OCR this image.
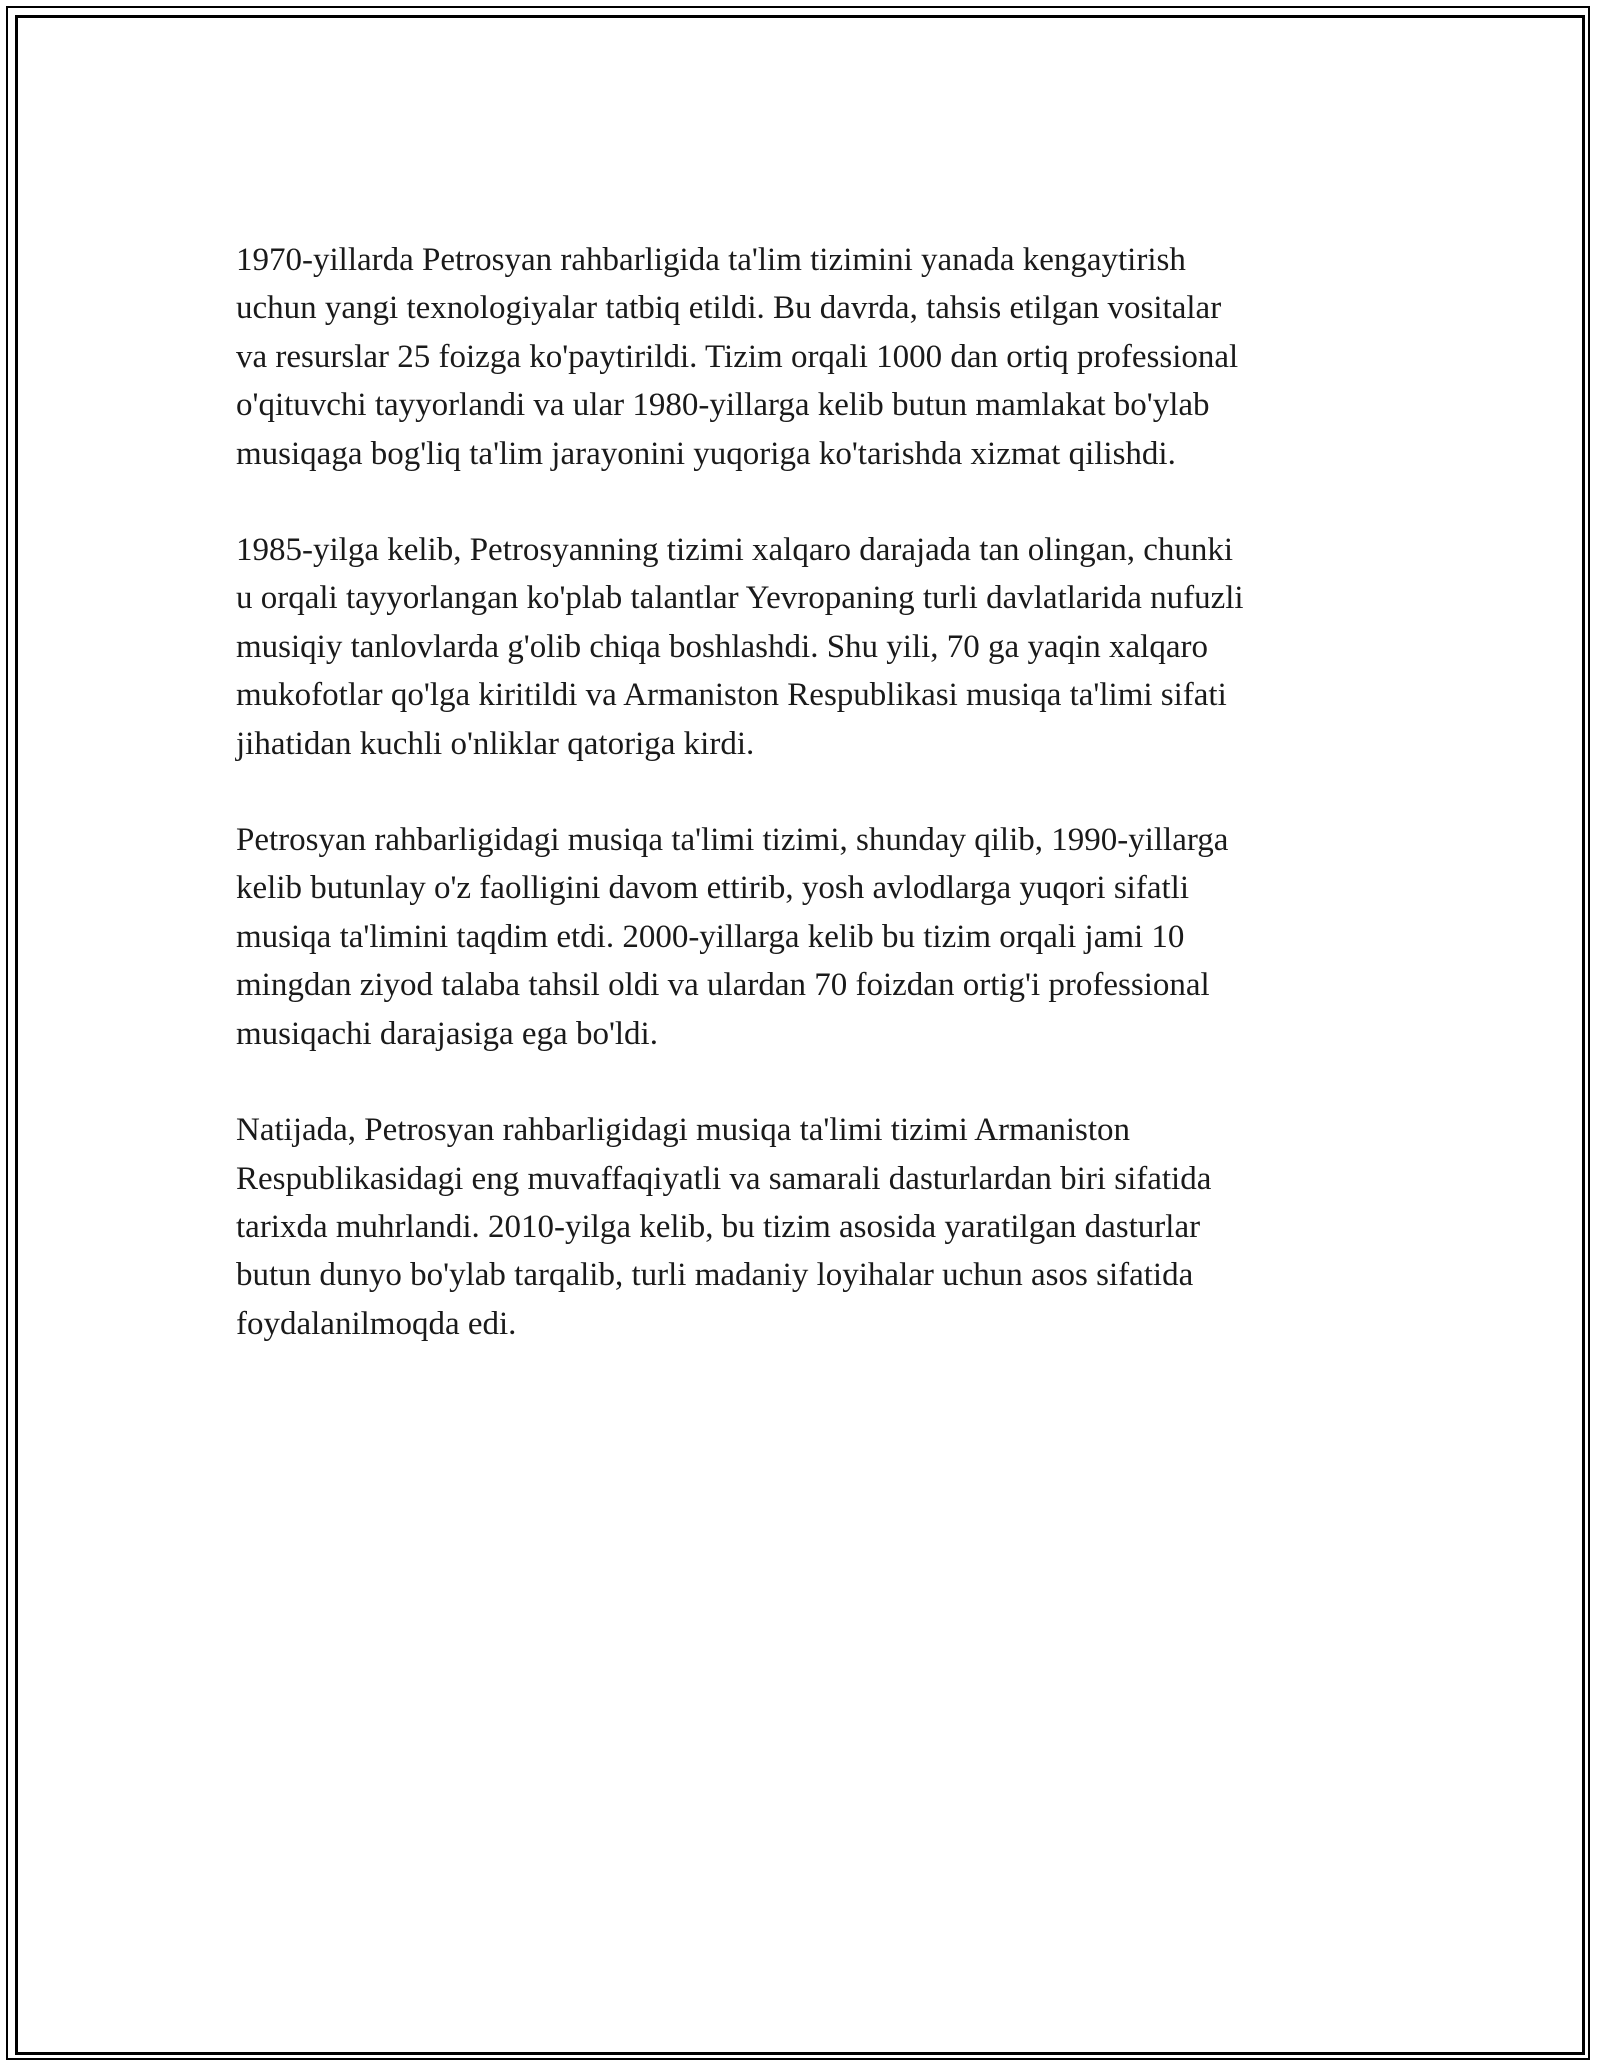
1970-yillarda Petrosyan rahbarligida ta'lim tizimini yanada kengaytirish
uchun yangi texnologiyalar tatbiq etildi. Bu davrda, tahsis etilgan vositalar
va resurslar 25 foizga ko'paytirildi. Tizim orqali 1000 dan ortiq professional
o'qituvchi tayyorlandi va ular 1980-yillarga kelib butun mamlakat bo'ylab
musiqaga bog'liq ta'lim jarayonini yuqoriga ko'tarishda xizmat qilishdi.

1985-yilga kelib, Petrosyanning tizimi xalqaro darajada tan olingan, chunki
u orqali tayyorlangan ko'plab talantlar Yevropaning turli davlatlarida nufuzli
musiqiy tanlovlarda g'olib chiqa boshlashdi. Shu yili, 70 ga yaqin xalqaro
mukofotlar qo'lga kiritildi va Armaniston Respublikasi musiqa ta'limi sifati
jihatidan kuchli o'nliklar qatoriga kirdi.

Petrosyan rahbarligidagi musiqa ta'limi tizimi, shunday qilib, 1990-yillarga
kelib butunlay o'z faolligini davom ettirib, yosh avlodlarga yuqori sifatli
musiqa ta'limini taqdim etdi. 2000-yillarga kelib bu tizim orqali jami 10
mingdan ziyod talaba tahsil oldi va ulardan 70 foizdan ortig'i professional
musiqachi darajasiga ega bo'ldi.

Natijada, Petrosyan rahbarligidagi musiqa ta'limi tizimi Armaniston
Respublikasidagi eng muvaffaqiyatli va samarali dasturlardan biri sifatida
tarixda muhrlandi. 2010-yilga kelib, bu tizim asosida yaratilgan dasturlar
butun dunyo bo'ylab tarqalib, turli madaniy loyihalar uchun asos sifatida
foydalanilmoqda edi.
